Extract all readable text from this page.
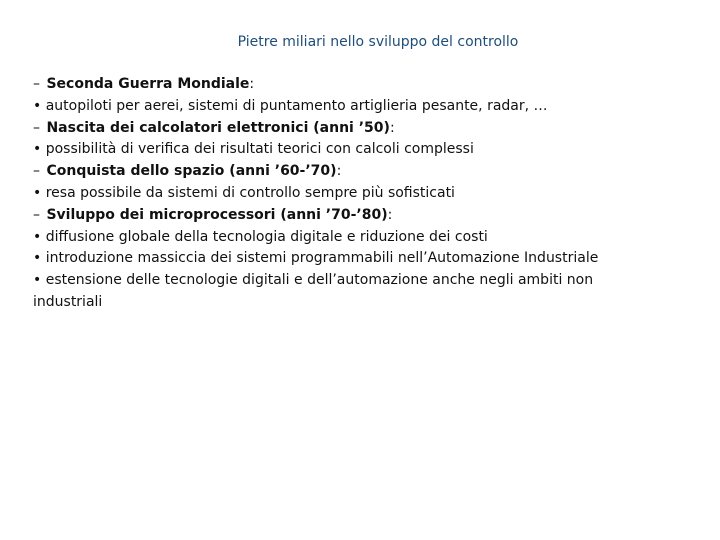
Pietre miliari nello sviluppo del controllo
– Seconda Guerra Mondiale:
• autopiloti per aerei, sistemi di puntamento artiglieria pesante, radar, …
– Nascita dei calcolatori elettronici (anni ’50):
• possibilità di verifica dei risultati teorici con calcoli complessi
– Conquista dello spazio (anni ’60-’70):
• resa possibile da sistemi di controllo sempre più sofisticati
– Sviluppo dei microprocessori (anni ’70-’80):
• diffusione globale della tecnologia digitale e riduzione dei costi
• introduzione massiccia dei sistemi programmabili nell’Automazione Industriale
• estensione delle tecnologie digitali e dell’automazione anche negli ambiti non industriali
